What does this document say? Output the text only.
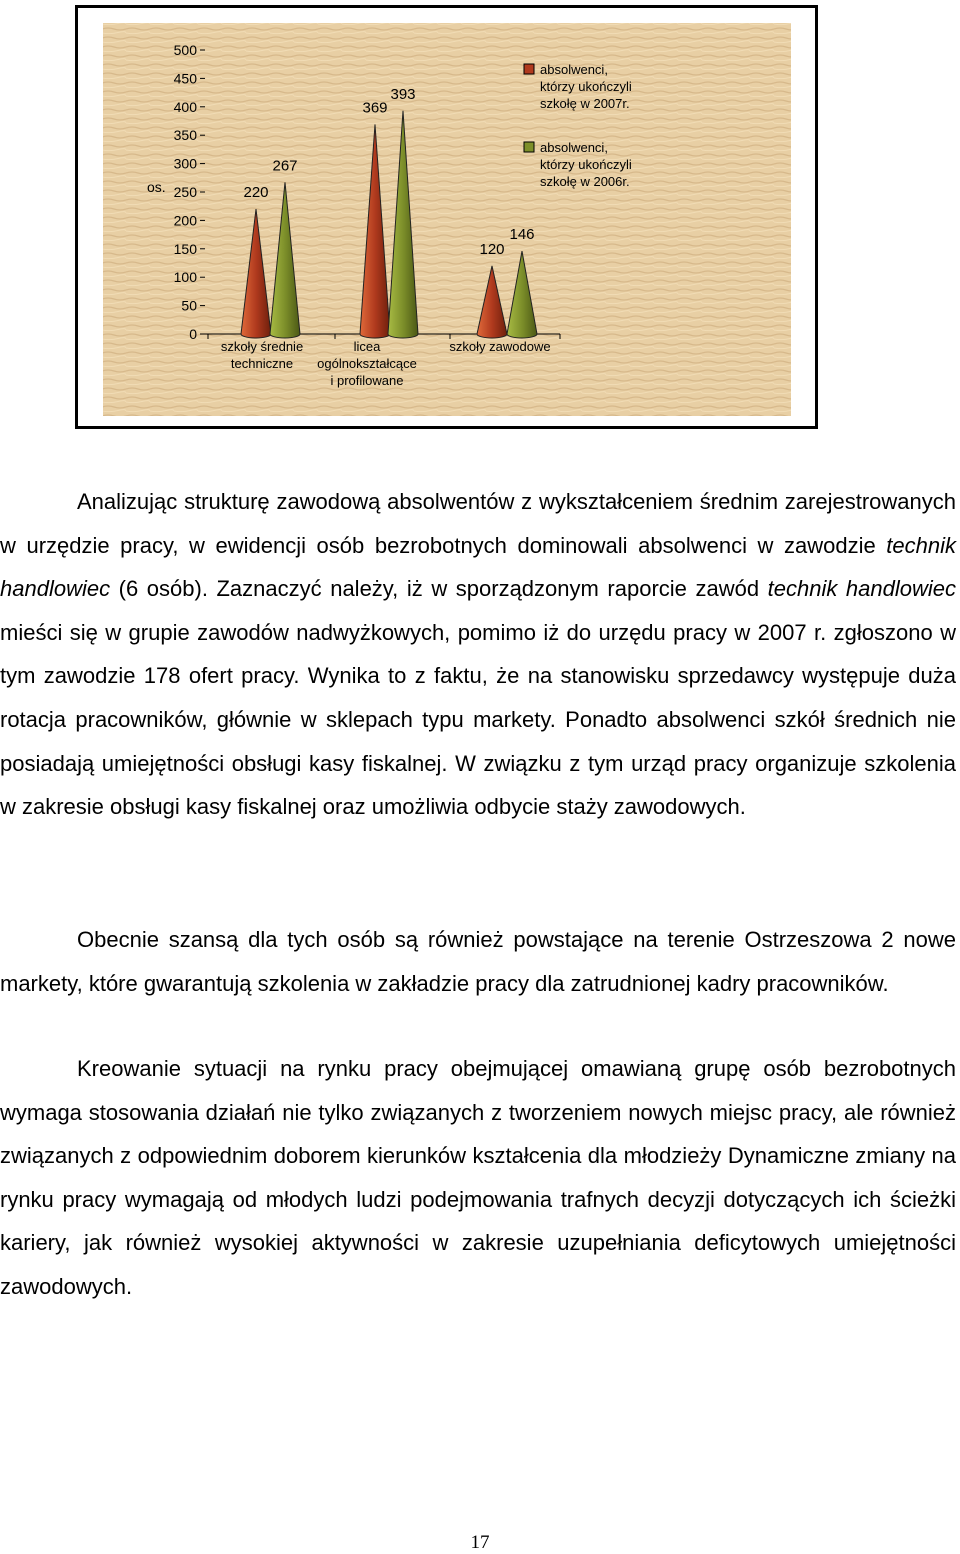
0
50
100
150
200
250
300
350
400
450
500
os.	220
369
120
267
393
146
szkoły średnie
techniczne
licea
ogólnokształcące
i profilowane
szkoły zawodowe
absolwenci,
którzy ukończyli
szkołę w 2007r.
absolwenci,
którzy ukończyli
szkołę w 2006r.

Analizując strukturę zawodową absolwentów z wykształceniem średnim zarejestrowanych w urzędzie pracy, w ewidencji osób bezrobotnych dominowali absolwenci w zawodzie technik handlowiec (6 osób). Zaznaczyć należy, iż w sporządzonym raporcie zawód technik handlowiec mieści się w grupie zawodów nadwyżkowych, pomimo iż do urzędu pracy w 2007 r. zgłoszono w tym zawodzie 178 ofert pracy. Wynika to z faktu, że na stanowisku sprzedawcy występuje duża rotacja pracowników, głównie w sklepach typu markety. Ponadto absolwenci szkół średnich nie posiadają umiejętności obsługi kasy fiskalnej. W związku z tym urząd pracy organizuje szkolenia w zakresie obsługi kasy fiskalnej oraz umożliwia odbycie staży zawodowych.

Obecnie szansą dla tych osób są również powstające na terenie Ostrzeszowa 2 nowe markety, które gwarantują szkolenia w zakładzie pracy dla zatrudnionej kadry pracowników.

Kreowanie sytuacji na rynku pracy obejmującej omawianą grupę osób bezrobotnych wymaga stosowania działań nie tylko związanych z tworzeniem nowych miejsc pracy, ale również związanych z odpowiednim doborem kierunków kształcenia dla młodzieży Dynamiczne zmiany na rynku pracy wymagają od młodych ludzi podejmowania trafnych decyzji dotyczących ich ścieżki kariery, jak również wysokiej aktywności w zakresie uzupełniania deficytowych umiejętności zawodowych.

17
